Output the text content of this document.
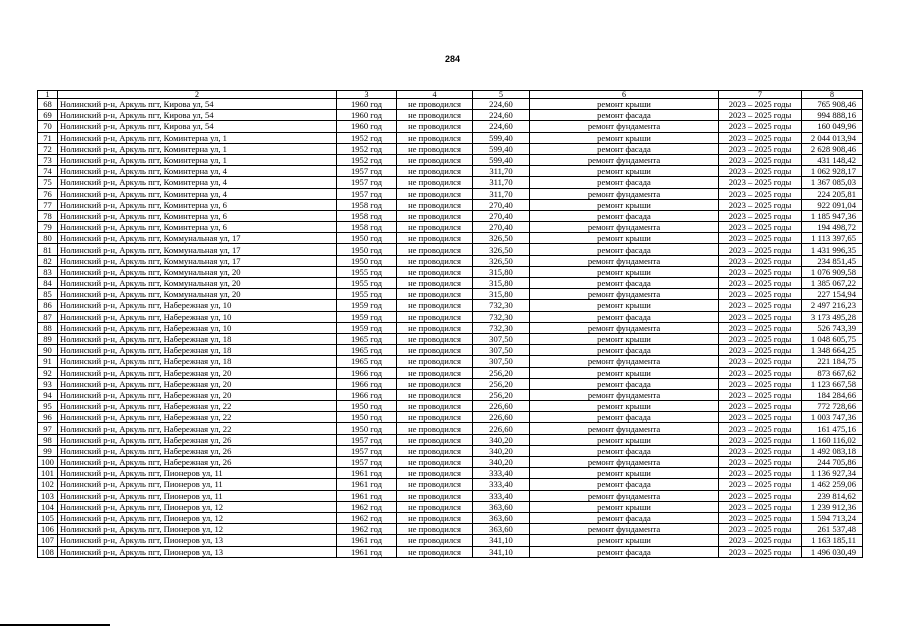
284
1	2	3	4	5	6	7	8
68	Нолинский р-н, Аркуль пгт, Кирова ул, 54	1960 год	не проводился	224,60	ремонт крыши	2023 – 2025 годы	765 908,46
69	Нолинский р-н, Аркуль пгт, Кирова ул, 54	1960 год	не проводился	224,60	ремонт фасада	2023 – 2025 годы	994 888,16
70	Нолинский р-н, Аркуль пгт, Кирова ул, 54	1960 год	не проводился	224,60	ремонт фундамента	2023 – 2025 годы	160 049,96
71	Нолинский р-н, Аркуль пгт, Коминтерна ул, 1	1952 год	не проводился	599,40	ремонт крыши	2023 – 2025 годы	2 044 013,94
72	Нолинский р-н, Аркуль пгт, Коминтерна ул, 1	1952 год	не проводился	599,40	ремонт фасада	2023 – 2025 годы	2 628 908,46
73	Нолинский р-н, Аркуль пгт, Коминтерна ул, 1	1952 год	не проводился	599,40	ремонт фундамента	2023 – 2025 годы	431 148,42
74	Нолинский р-н, Аркуль пгт, Коминтерна ул, 4	1957 год	не проводился	311,70	ремонт крыши	2023 – 2025 годы	1 062 928,17
75	Нолинский р-н, Аркуль пгт, Коминтерна ул, 4	1957 год	не проводился	311,70	ремонт фасада	2023 – 2025 годы	1 367 085,03
76	Нолинский р-н, Аркуль пгт, Коминтерна ул, 4	1957 год	не проводился	311,70	ремонт фундамента	2023 – 2025 годы	224 205,81
77	Нолинский р-н, Аркуль пгт, Коминтерна ул, 6	1958 год	не проводился	270,40	ремонт крыши	2023 – 2025 годы	922 091,04
78	Нолинский р-н, Аркуль пгт, Коминтерна ул, 6	1958 год	не проводился	270,40	ремонт фасада	2023 – 2025 годы	1 185 947,36
79	Нолинский р-н, Аркуль пгт, Коминтерна ул, 6	1958 год	не проводился	270,40	ремонт фундамента	2023 – 2025 годы	194 498,72
80	Нолинский р-н, Аркуль пгт, Коммунальная ул, 17	1950 год	не проводился	326,50	ремонт крыши	2023 – 2025 годы	1 113 397,65
81	Нолинский р-н, Аркуль пгт, Коммунальная ул, 17	1950 год	не проводился	326,50	ремонт фасада	2023 – 2025 годы	1 431 996,35
82	Нолинский р-н, Аркуль пгт, Коммунальная ул, 17	1950 год	не проводился	326,50	ремонт фундамента	2023 – 2025 годы	234 851,45
83	Нолинский р-н, Аркуль пгт, Коммунальная ул, 20	1955 год	не проводился	315,80	ремонт крыши	2023 – 2025 годы	1 076 909,58
84	Нолинский р-н, Аркуль пгт, Коммунальная ул, 20	1955 год	не проводился	315,80	ремонт фасада	2023 – 2025 годы	1 385 067,22
85	Нолинский р-н, Аркуль пгт, Коммунальная ул, 20	1955 год	не проводился	315,80	ремонт фундамента	2023 – 2025 годы	227 154,94
86	Нолинский р-н, Аркуль пгт, Набережная ул, 10	1959 год	не проводился	732,30	ремонт крыши	2023 – 2025 годы	2 497 216,23
87	Нолинский р-н, Аркуль пгт, Набережная ул, 10	1959 год	не проводился	732,30	ремонт фасада	2023 – 2025 годы	3 173 495,28
88	Нолинский р-н, Аркуль пгт, Набережная ул, 10	1959 год	не проводился	732,30	ремонт фундамента	2023 – 2025 годы	526 743,39
89	Нолинский р-н, Аркуль пгт, Набережная ул, 18	1965 год	не проводился	307,50	ремонт крыши	2023 – 2025 годы	1 048 605,75
90	Нолинский р-н, Аркуль пгт, Набережная ул, 18	1965 год	не проводился	307,50	ремонт фасада	2023 – 2025 годы	1 348 664,25
91	Нолинский р-н, Аркуль пгт, Набережная ул, 18	1965 год	не проводился	307,50	ремонт фундамента	2023 – 2025 годы	221 184,75
92	Нолинский р-н, Аркуль пгт, Набережная ул, 20	1966 год	не проводился	256,20	ремонт крыши	2023 – 2025 годы	873 667,62
93	Нолинский р-н, Аркуль пгт, Набережная ул, 20	1966 год	не проводился	256,20	ремонт фасада	2023 – 2025 годы	1 123 667,58
94	Нолинский р-н, Аркуль пгт, Набережная ул, 20	1966 год	не проводился	256,20	ремонт фундамента	2023 – 2025 годы	184 284,66
95	Нолинский р-н, Аркуль пгт, Набережная ул, 22	1950 год	не проводился	226,60	ремонт крыши	2023 – 2025 годы	772 728,66
96	Нолинский р-н, Аркуль пгт, Набережная ул, 22	1950 год	не проводился	226,60	ремонт фасада	2023 – 2025 годы	1 003 747,36
97	Нолинский р-н, Аркуль пгт, Набережная ул, 22	1950 год	не проводился	226,60	ремонт фундамента	2023 – 2025 годы	161 475,16
98	Нолинский р-н, Аркуль пгт, Набережная ул, 26	1957 год	не проводился	340,20	ремонт крыши	2023 – 2025 годы	1 160 116,02
99	Нолинский р-н, Аркуль пгт, Набережная ул, 26	1957 год	не проводился	340,20	ремонт фасада	2023 – 2025 годы	1 492 083,18
100	Нолинский р-н, Аркуль пгт, Набережная ул, 26	1957 год	не проводился	340,20	ремонт фундамента	2023 – 2025 годы	244 705,86
101	Нолинский р-н, Аркуль пгт, Пионеров ул, 11	1961 год	не проводился	333,40	ремонт крыши	2023 – 2025 годы	1 136 927,34
102	Нолинский р-н, Аркуль пгт, Пионеров ул, 11	1961 год	не проводился	333,40	ремонт фасада	2023 – 2025 годы	1 462 259,06
103	Нолинский р-н, Аркуль пгт, Пионеров ул, 11	1961 год	не проводился	333,40	ремонт фундамента	2023 – 2025 годы	239 814,62
104	Нолинский р-н, Аркуль пгт, Пионеров ул, 12	1962 год	не проводился	363,60	ремонт крыши	2023 – 2025 годы	1 239 912,36
105	Нолинский р-н, Аркуль пгт, Пионеров ул, 12	1962 год	не проводился	363,60	ремонт фасада	2023 – 2025 годы	1 594 713,24
106	Нолинский р-н, Аркуль пгт, Пионеров ул, 12	1962 год	не проводился	363,60	ремонт фундамента	2023 – 2025 годы	261 537,48
107	Нолинский р-н, Аркуль пгт, Пионеров ул, 13	1961 год	не проводился	341,10	ремонт крыши	2023 – 2025 годы	1 163 185,11
108	Нолинский р-н, Аркуль пгт, Пионеров ул, 13	1961 год	не проводился	341,10	ремонт фасада	2023 – 2025 годы	1 496 030,49
